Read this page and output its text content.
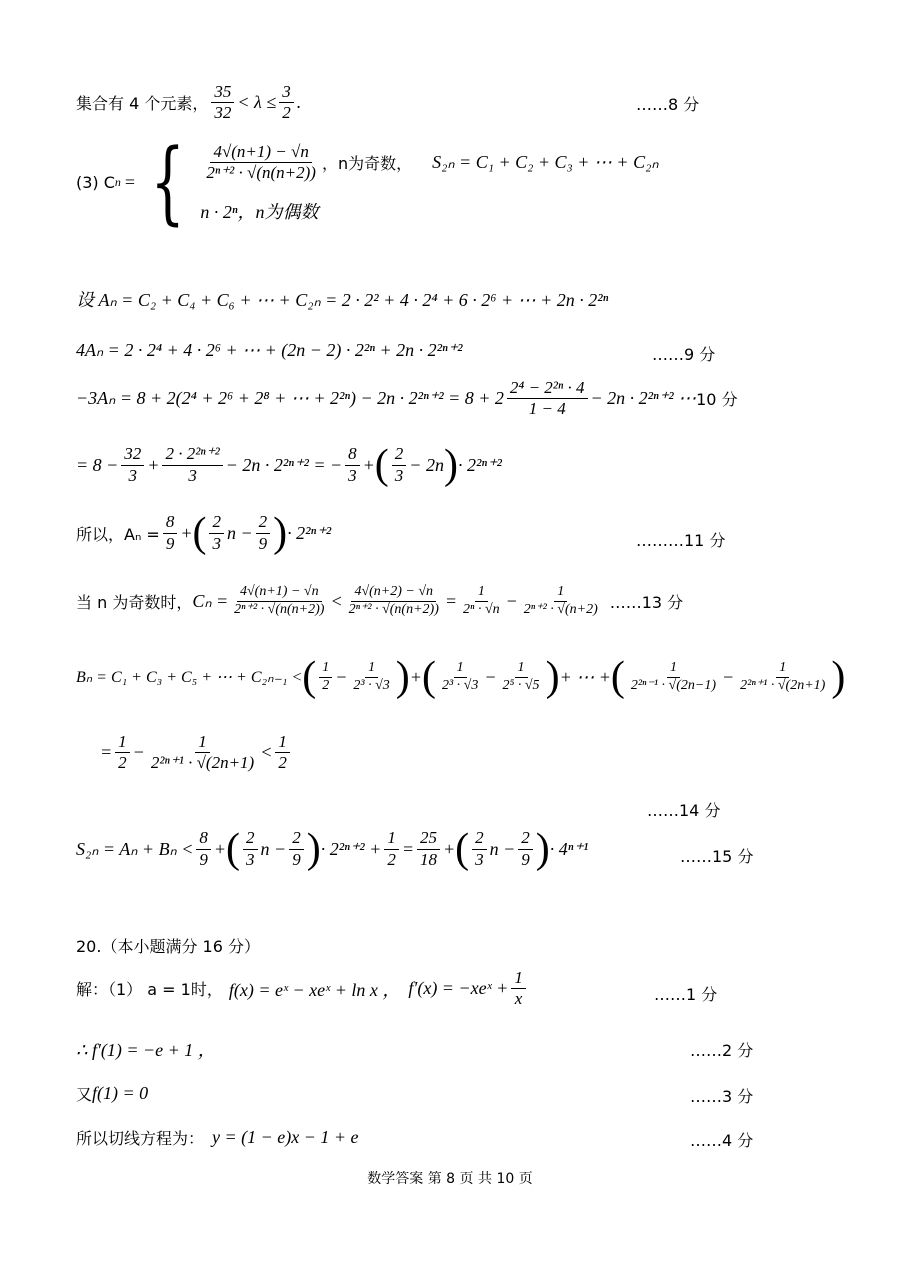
集合有 4 个元素， $\frac{35}{32} < \lambda \le \frac{3}{2}$ .	……8 分
(3) C n = { $\frac{4√(n+1) - √n}{\text{2ⁿ⁺² · √(n(n+2))}}$ ，n为奇数， S₂ₙ = C₁ + C₂ + C₃ + ⋯ + C₂ₙ
n · 2ⁿ，n为偶数
设 Aₙ = C₂ + C₄ + C₆ + ⋯ + C₂ₙ = 2 · 2² + 4 · 2⁴ + 6 · 2⁶ + ⋯ + 2n · 2²ⁿ
4Aₙ = 2 · 2⁴ + 4 · 2⁶ + ⋯ + (2n − 2) · 2²ⁿ + 2n · 2²ⁿ⁺²	……9 分
−3Aₙ = 8 + 2(2⁴ + 2⁶ + 2⁸ + ⋯ + $2^{2n}) - 2n \cdot 2^{2n+2} = 8 + 2 \frac{\text{2⁴ − 2²ⁿ · 4}}{1 - 4} - 2n \cdot 2^{2n+2}$ ⋯ 10 分
= $8 - \frac{32}{3} + \frac{\text{2 · 2²ⁿ⁺²}}{3} - 2n \cdot 2^{2n+2}$ = − $\frac{8}{3}$ + ( $\frac{2}{3} - 2n$ ) · 2²ⁿ⁺²
所以，$A_n = \frac{8}{9}$ + ( $\frac{2}{3}$ $n - \frac{2}{9}$ ) · 2²ⁿ⁺²	………11 分
当 n 为奇数时， $C_n = \frac{4√(n+1) - √n}{\text{2ⁿ⁺² · √(n(n+2))}} < \frac{4√(n+2) - √n}{\text{2ⁿ⁺² · √(n(n+2))}} = \frac{1}{\text{2ⁿ · √n}} - \frac{1}{\text{2ⁿ⁺² · √(n+2)}}$ ……13 分
Bₙ = C₁ + C₃ + C₅ + ⋯ + C₂ₙ₋₁ < ( $\frac{1}{2} - \frac{1}{\text{2³ · √3}}$ ) + ( $\frac{1}{\text{2³ · √3}} - \frac{1}{\text{2⁵ · √5}}$ ) + ⋯ + ( $\frac{1}{\text{2²ⁿ⁻¹ · √(2n−1)}} - \frac{1}{\text{2²ⁿ⁺¹ · √(2n+1)}}$ )
= $\frac{1}{2} - \frac{1}{\text{2²ⁿ⁺¹ · √(2n+1)}} < \frac{1}{2}$
……14 分
$S_{2n} = A_n + B_n < \frac{8}{9}$ + ( $\frac{2}{3}$ $n - \frac{2}{9}$ ) · $2^{2n+2} + \frac{1}{2} = \frac{25}{18}$ + ( $\frac{2}{3}$ $n - \frac{2}{9}$ ) · 4ⁿ⁺¹	……15 分
20.（本小题满分 16 分）
解：（1） a = 1时， f(x) = eˣ − xeˣ + ln x ， f′(x) = −xeˣ + $\frac{1}{x}$	……1 分
∴ f′(1) = −e + 1 ，	……2 分
又 f(1) = 0	……3 分
所以切线方程为： y = (1 − e)x − 1 + e	……4 分
数学答案 第 8 页 共 10 页
